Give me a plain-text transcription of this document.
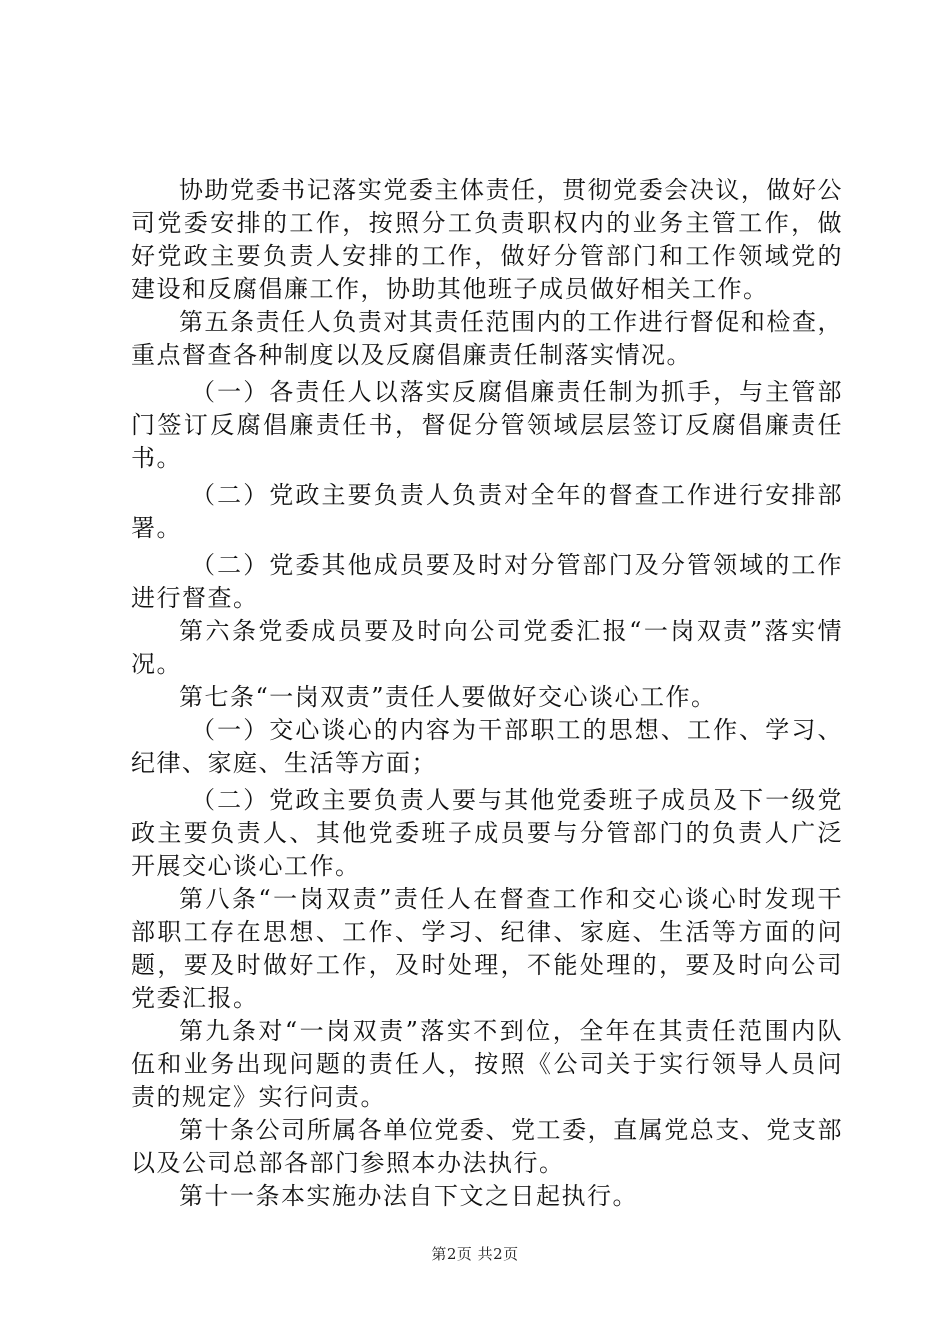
协助党委书记落实党委主体责任，贯彻党委会决议，做好公司党委安排的工作，按照分工负责职权内的业务主管工作，做好党政主要负责人安排的工作，做好分管部门和工作领域党的建设和反腐倡廉工作，协助其他班子成员做好相关工作。

第五条责任人负责对其责任范围内的工作进行督促和检查，重点督查各种制度以及反腐倡廉责任制落实情况。

（一）各责任人以落实反腐倡廉责任制为抓手，与主管部门签订反腐倡廉责任书，督促分管领域层层签订反腐倡廉责任书。

（二）党政主要负责人负责对全年的督查工作进行安排部署。

（二）党委其他成员要及时对分管部门及分管领域的工作进行督查。

第六条党委成员要及时向公司党委汇报“一岗双责”落实情况。

第七条“一岗双责”责任人要做好交心谈心工作。

（一）交心谈心的内容为干部职工的思想、工作、学习、纪律、家庭、生活等方面；

（二）党政主要负责人要与其他党委班子成员及下一级党政主要负责人、其他党委班子成员要与分管部门的负责人广泛开展交心谈心工作。

第八条“一岗双责”责任人在督查工作和交心谈心时发现干部职工存在思想、工作、学习、纪律、家庭、生活等方面的问题，要及时做好工作，及时处理，不能处理的，要及时向公司党委汇报。

第九条对“一岗双责”落实不到位，全年在其责任范围内队伍和业务出现问题的责任人，按照《公司关于实行领导人员问责的规定》实行问责。

第十条公司所属各单位党委、党工委，直属党总支、党支部以及公司总部各部门参照本办法执行。

第十一条本实施办法自下文之日起执行。

第2页 共2页
